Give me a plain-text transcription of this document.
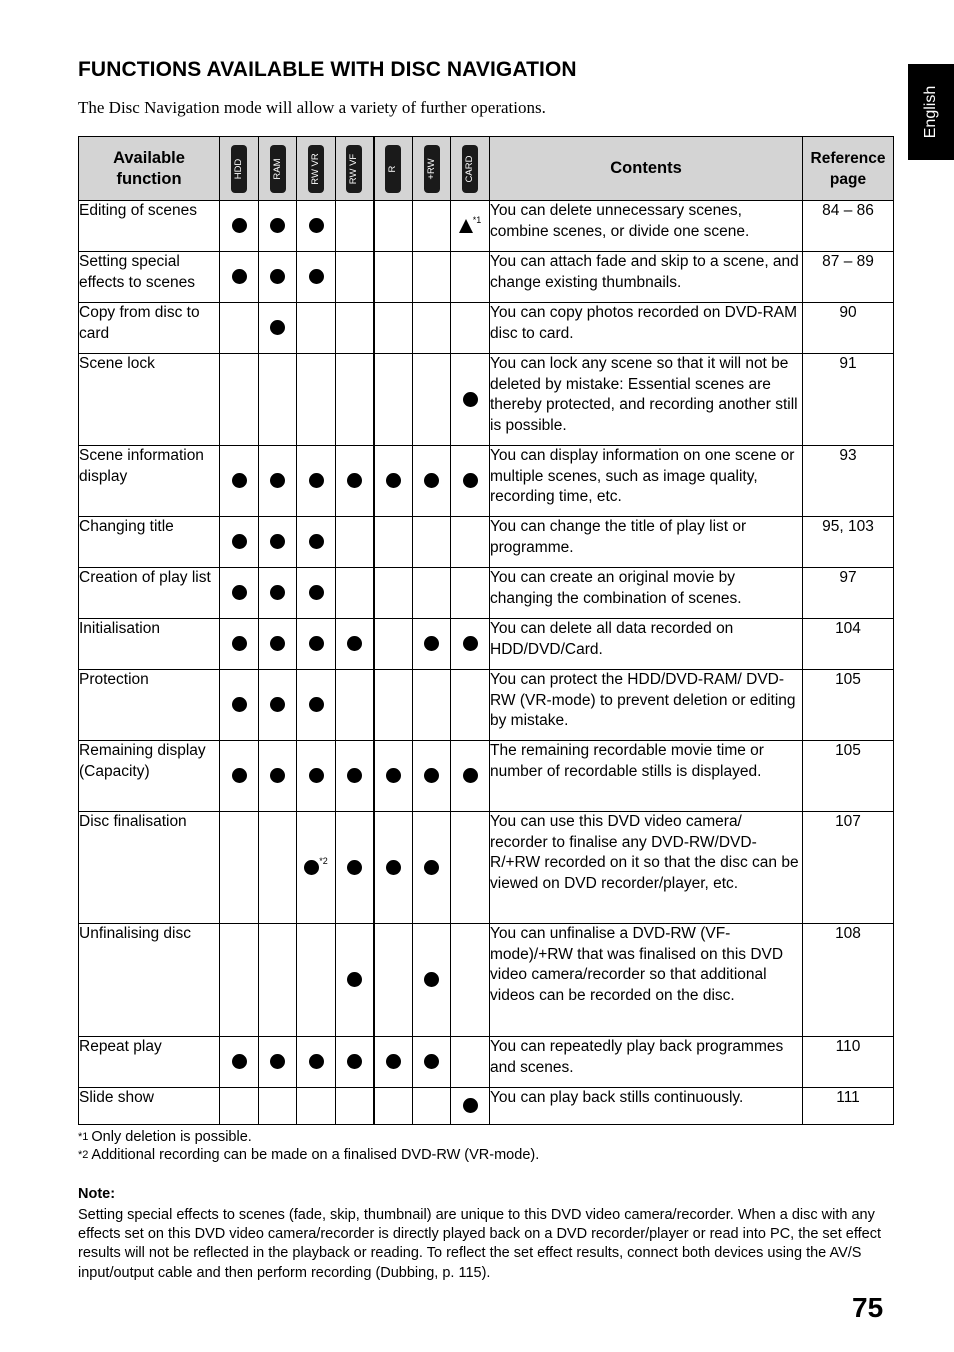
FUNCTIONS AVAILABLE WITH DISC NAVIGATION
The Disc Navigation mode will allow a variety of further operations.	English
Available function	HDD	RAM	RW VR	RW VF	R	+RW	CARD	Contents	Reference page
Editing of scenes							$^{*1}$	You can delete unnecessary scenes, combine scenes, or divide one scene.	84 – 86
Setting special effects to scenes								You can attach fade and skip to a scene, and change existing thumbnails.	87 – 89
Copy from disc to card								You can copy photos recorded on DVD-RAM disc to card.	90
Scene lock								You can lock any scene so that it will not be deleted by mistake: Essential scenes are thereby protected, and recording another still is possible.	91
Scene information display								You can display information on one scene or multiple scenes, such as image quality, recording time, etc.	93
Changing title								You can change the title of play list or programme.	95, 103
Creation of play list								You can create an original movie by changing the combination of scenes.	97
Initialisation								You can delete all data recorded on HDD/DVD/Card.	104
Protection								You can protect the HDD/DVD-RAM/ DVD-RW (VR-mode) to prevent deletion or editing by mistake.	105
Remaining display (Capacity)								The remaining recordable movie time or number of recordable stills is displayed.	105
Disc finalisation			$^{*2}$					You can use this DVD video camera/ recorder to finalise any DVD-RW/DVD-R/+RW recorded on it so that the disc can be viewed on DVD recorder/player, etc.	107
Unfinalising disc								You can unfinalise a DVD-RW (VF-mode)/+RW that was finalised on this DVD video camera/recorder so that additional videos can be recorded on the disc.	108
Repeat play								You can repeatedly play back programmes and scenes.	110
Slide show								You can play back stills continuously.	111
$^{*1}$ Only deletion is possible.
$^{*2}$ Additional recording can be made on a finalised DVD-RW (VR-mode).
Note:
Setting special effects to scenes (fade, skip, thumbnail) are unique to this DVD video camera/recorder. When a disc with any effects set on this DVD video camera/recorder is directly played back on a DVD recorder/player or read into PC, the set effect results will not be reflected in the playback or reading. To reflect the set effect results, connect both devices using the AV/S input/output cable and then perform recording (Dubbing, p. 115).
75
